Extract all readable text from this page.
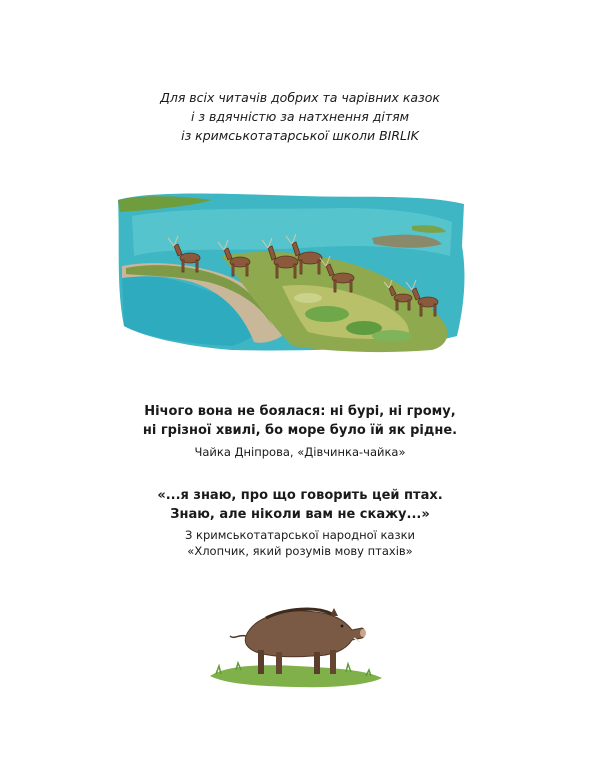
Для всіх читачів добрих та чарівних казок
і з вдячністю за натхнення дітям
із кримськотатарської школи BIRLIK
Нічого вона не боялася: ні бурі, ні грому,
ні грізної хвилі, бо море було їй як рідне.
Чайка Дніпрова, «Дівчинка-чайка»
«...я знаю, про що говорить цей птах.
Знаю, але ніколи вам не скажу...»
З кримськотатарської народної казки
«Хлопчик, який розумів мову птахів»
